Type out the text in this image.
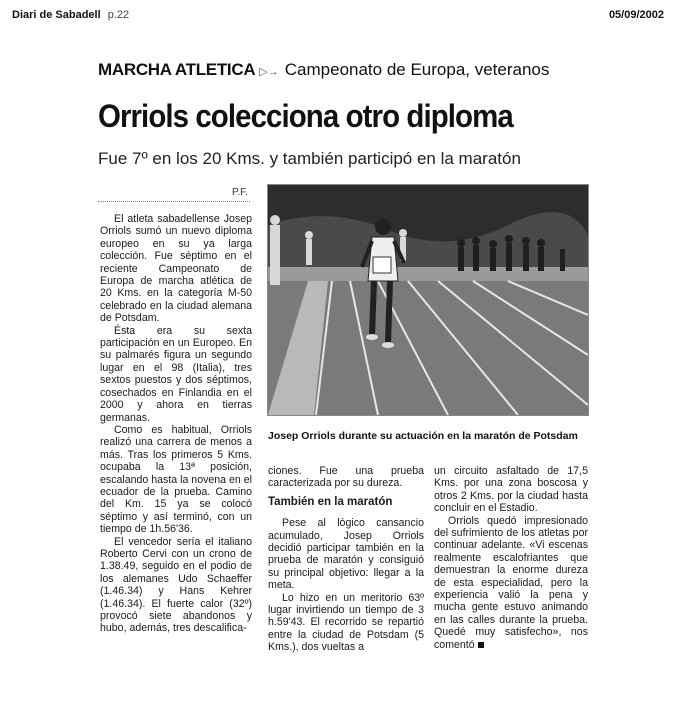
Diari de Sabadell p.22	05/09/2002
MARCHA ATLETICA ▷→ Campeonato de Europa, veteranos
Orriols colecciona otro diploma
Fue 7º en los 20 Kms. y también participó en la maratón
P.F.

El atleta sabadellense Josep Orriols sumó un nuevo diploma europeo en su ya larga colección. Fue séptimo en el reciente Campeonato de Europa de marcha atlética de 20 Kms. en la categoría M-50 celebrado en la ciudad alemana de Potsdam.

Ésta era su sexta participación en un Europeo. En su palmarés figura un segundo lugar en el 98 (Italia), tres sextos puestos y dos séptimos, cosechados en Finlandia en el 2000 y ahora en tierras germanas.

Como es habitual, Orriols realizó una carrera de menos a más. Tras los primeros 5 Kms. ocupaba la 13ª posición, escalando hasta la novena en el ecuador de la prueba. Camino del Km. 15 ya se colocó séptimo y así terminó, con un tiempo de 1h.56'36.

El vencedor sería el italiano Roberto Cervi con un crono de 1.38.49, seguido en el podio de los alemanes Udo Schaeffer (1.46.34) y Hans Kehrer (1.46.34). El fuerte calor (32º) provocó siete abandonos y hubo, además, tres descalifica-

Josep Orriols durante su actuación en la maratón de Potsdam

ciones. Fue una prueba caracterizada por su dureza.

También en la maratón

Pese al lógico cansancio acumulado, Josep Orriols decidió participar también en la prueba de maratón y consiguió su principal objetivo: llegar a la meta.

Lo hizo en un meritorio 63º lugar invirtiendo un tiempo de 3 h.59'43. El recorrido se repartió entre la ciudad de Potsdam (5 Kms.), dos vueltas a

un circuito asfaltado de 17,5 Kms. por una zona boscosa y otros 2 Kms. por la ciudad hasta concluir en el Estadio.

Orriols quedó impresionado del sufrimiento de los atletas por continuar adelante. «Vi escenas realmente escalofriantes que demuestran la enorme dureza de esta especialidad, pero la experiencia valió la pena y mucha gente estuvo animando en las calles durante la prueba. Quedé muy satisfecho», nos comentó
